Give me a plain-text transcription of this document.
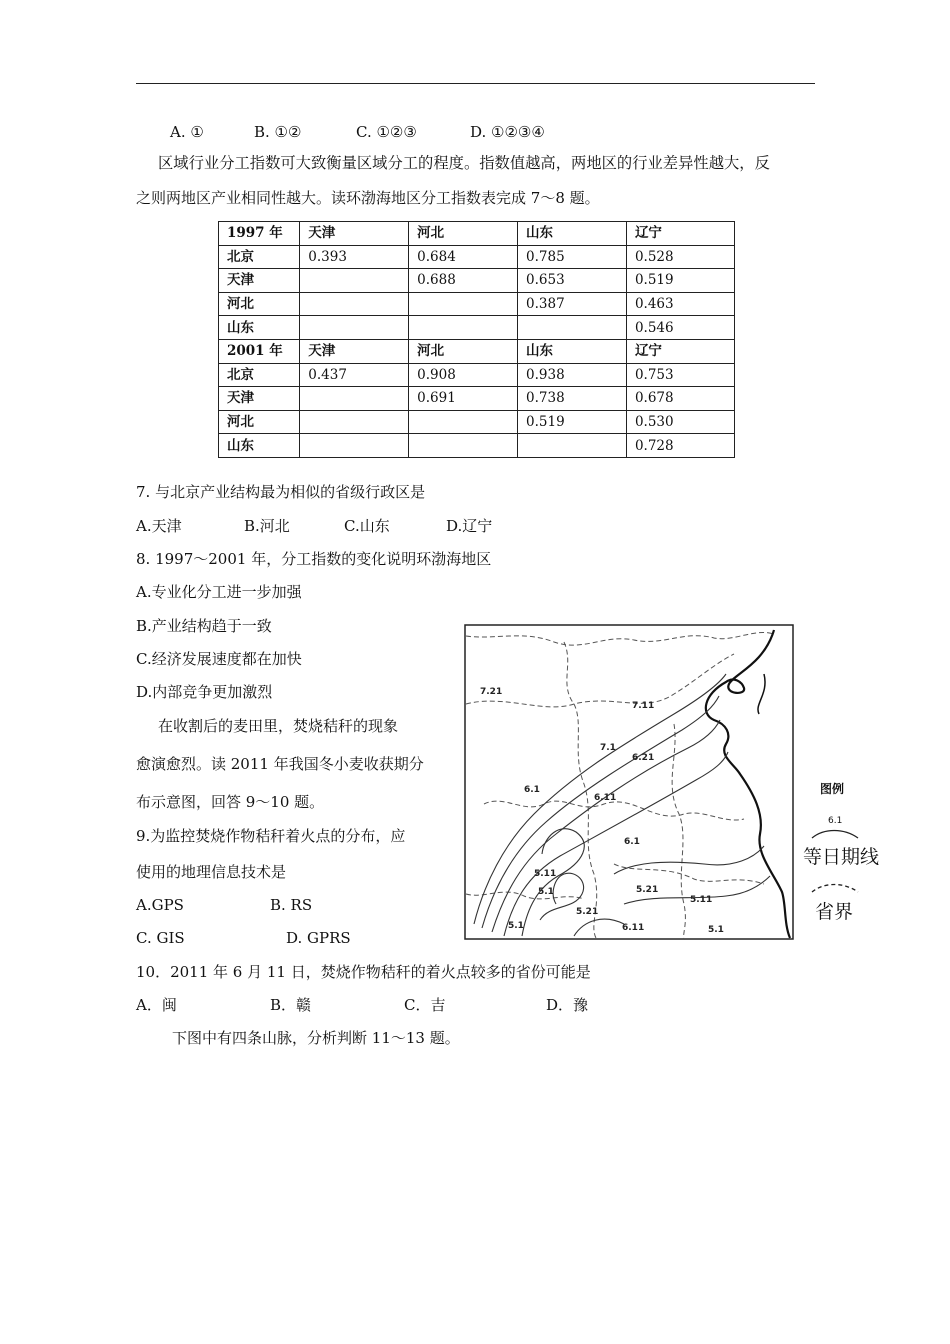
A. ①	B. ①②	C. ①②③	D. ①②③④
区域行业分工指数可大致衡量区域分工的程度。指数值越高，两地区的行业差异性越大，反
之则两地区产业相同性越大。读环渤海地区分工指数表完成 7～8 题。
1997 年	天津	河北	山东	辽宁
北京	0.393	0.684	0.785	0.528
天津		0.688	0.653	0.519
河北			0.387	0.463
山东				0.546
2001 年	天津	河北	山东	辽宁
北京	0.437	0.908	0.938	0.753
天津		0.691	0.738	0.678
河北			0.519	0.530
山东				0.728
7. 与北京产业结构最为相似的省级行政区是
A.天津	B.河北	C.山东	D.辽宁
8. 1997～2001 年，分工指数的变化说明环渤海地区
A.专业化分工进一步加强
B.产业结构趋于一致
C.经济发展速度都在加快
D.内部竞争更加激烈
在收割后的麦田里，焚烧秸秆的现象
愈演愈烈。读 2011 年我国冬小麦收获期分
布示意图，回答 9～10 题。
9.为监控焚烧作物秸秆着火点的分布，应
使用的地理信息技术是
A.GPS	B. RS
C. GIS	D. GPRS
10．2011 年 6 月 11 日，焚烧作物秸秆的着火点较多的省份可能是
A．闽	B．赣	C．吉	D．豫
下图中有四条山脉，分析判断 11～13 题。
7.21
7.11
7.1
6.21
6.1
6.11
6.1
5.11
5.1
5.21
5.21
5.11
5.1	6.11	5.1
图例
6.1
等日期线
省界
